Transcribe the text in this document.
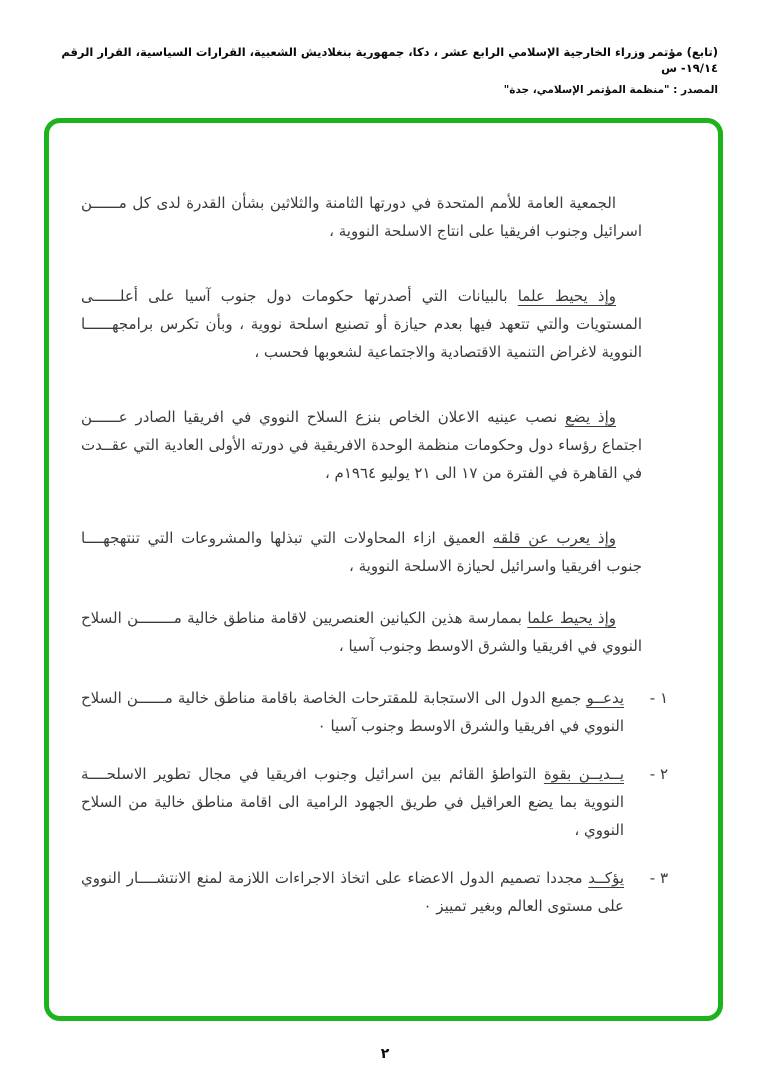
(تابع) مؤتمر وزراء الخارجية الإسلامي الرابع عشر ، دكا، جمهورية بنغلاديش الشعبية، القرارات السياسية، القرار الرقم ١٩/١٤- س
المصدر : "منظمة المؤتمر الإسلامي، جدة"

الجمعية العامة للأمم المتحدة في دورتها الثامنة والثلاثين بشأن القدرة لدى كل مــــــن اسرائيل وجنوب افريقيا على انتاج الاسلحة النووية ،

وإذ يحيط علما بالبيانات التي أصدرتها حكومات دول جنوب آسيا على أعلــــــى المستويات والتي تتعهد فيها بعدم حيازة أو تصنيع اسلحة نووية ، وبأن تكرس برامجهــــــا النووية لاغراض التنمية الاقتصادية والاجتماعية لشعوبها فحسب ،

وإذ يضع نصب عينيه الاعلان الخاص بنزع السلاح النووي في افريقيا الصادر عــــــن اجتماع رؤساء دول وحكومات منظمة الوحدة الافريقية في دورته الأولى العادية التي عقــدت في القاهرة في الفترة من ١٧ الى ٢١ يوليو ١٩٦٤م ،

وإذ يعرب عن قلقه العميق ازاء المحاولات التي تبذلها والمشروعات التي تنتهجهــــا جنوب افريقيا واسرائيل لحيازة الاسلحة النووية ،

وإذ يحيط علما بممارسة هذين الكيانين العنصريين لاقامة مناطق خالية مــــــــن السلاح النووي في افريقيا والشرق الاوسط وجنوب آسيا ،

١ -

يدعــو جميع الدول الى الاستجابة للمقترحات الخاصة باقامة مناطق خالية مــــــن السلاح النووي في افريقيا والشرق الاوسط وجنوب آسيا ٠

٢ -

يــديــن بقوة التواطؤ القائم بين اسرائيل وجنوب افريقيا في مجال تطوير الاسلحــــة النووية بما يضع العراقيل في طريق الجهود الرامية الى اقامة مناطق خالية من السلاح النووي ،

٣ -

يؤكــد مجددا تصميم الدول الاعضاء على اتخاذ الاجراءات اللازمة لمنع الانتشــــار النووي على مستوى العالم وبغير تمييز ٠

٢
